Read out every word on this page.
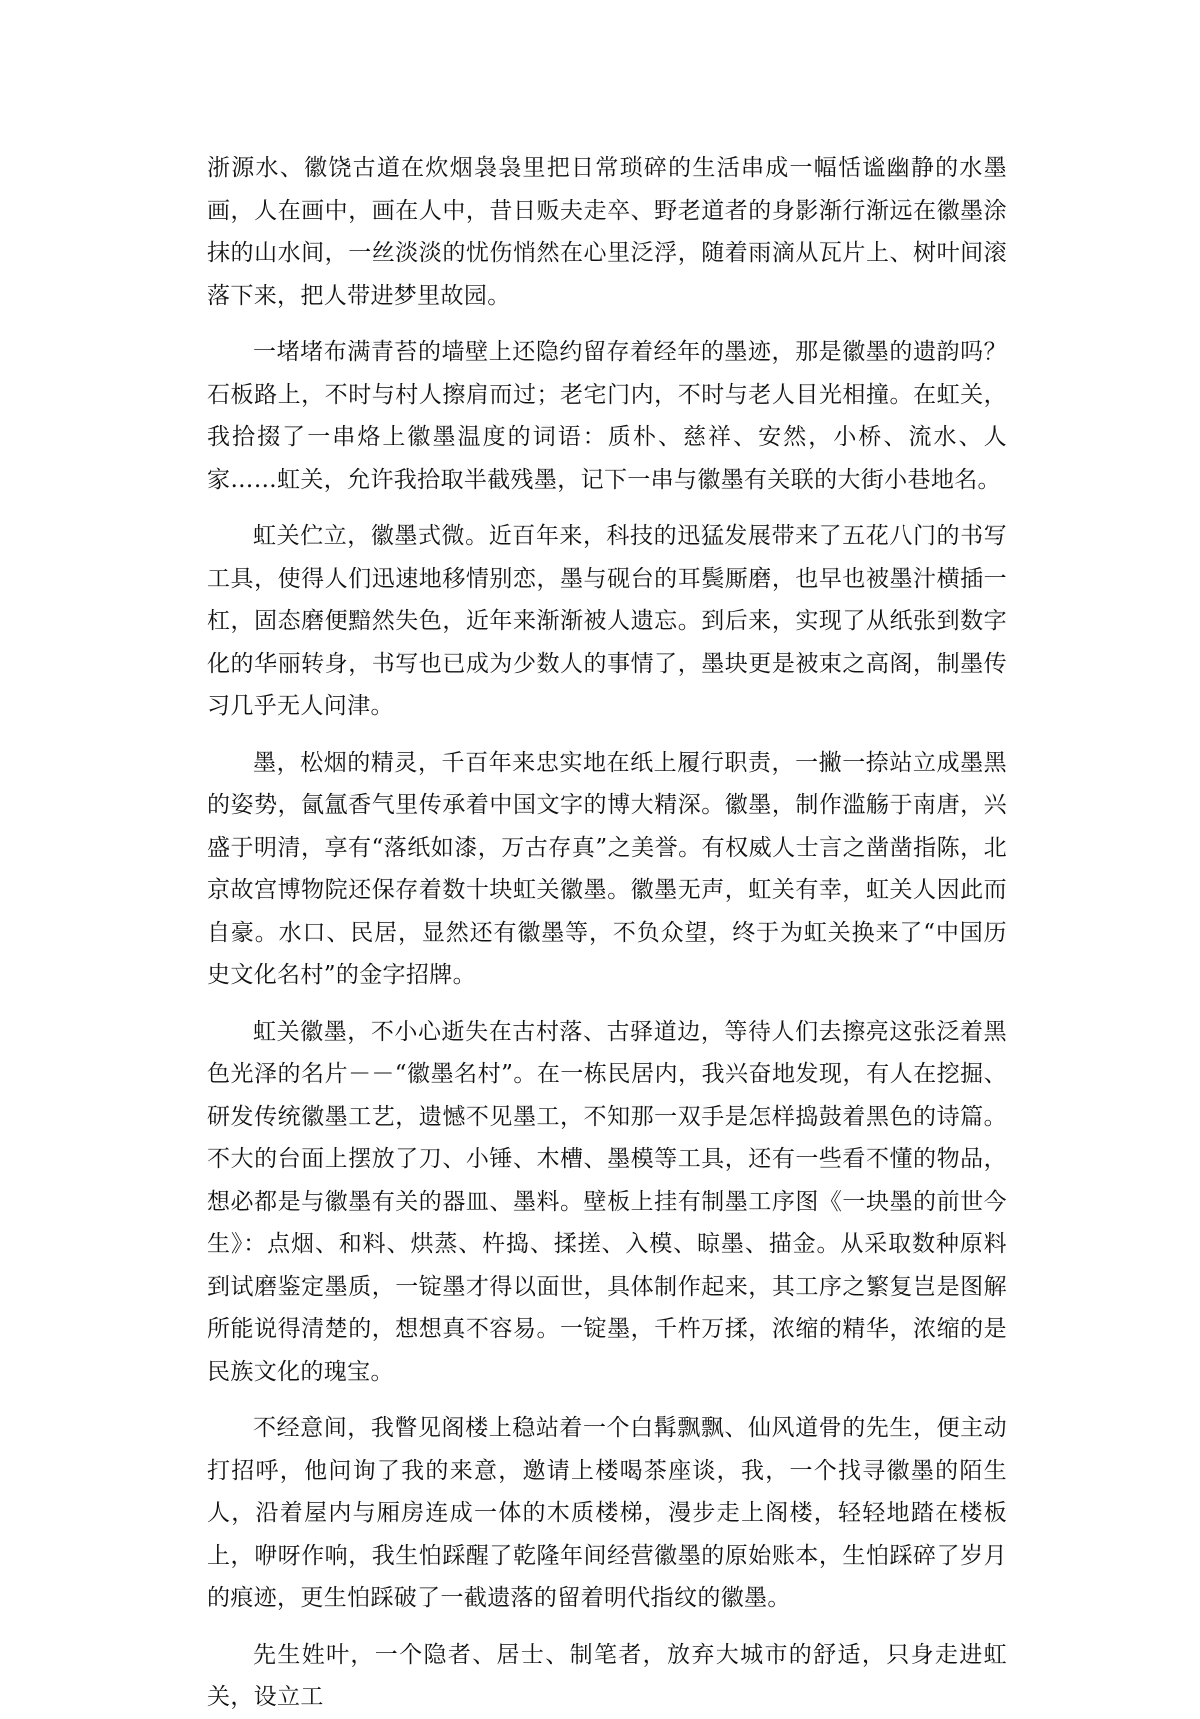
浙源水、徽饶古道在炊烟袅袅里把日常琐碎的生活串成一幅恬谧幽静的水墨画，人在画中，画在人中，昔日贩夫走卒、野老道者的身影渐行渐远在徽墨涂抹的山水间，一丝淡淡的忧伤悄然在心里泛浮，随着雨滴从瓦片上、树叶间滚落下来，把人带进梦里故园。

一堵堵布满青苔的墙壁上还隐约留存着经年的墨迹，那是徽墨的遗韵吗？石板路上，不时与村人擦肩而过；老宅门内，不时与老人目光相撞。在虹关，我拾掇了一串烙上徽墨温度的词语：质朴、慈祥、安然，小桥、流水、人家……虹关，允许我拾取半截残墨，记下一串与徽墨有关联的大街小巷地名。

虹关伫立，徽墨式微。近百年来，科技的迅猛发展带来了五花八门的书写工具，使得人们迅速地移情别恋，墨与砚台的耳鬓厮磨，也早也被墨汁横插一杠，固态磨便黯然失色，近年来渐渐被人遗忘。到后来，实现了从纸张到数字化的华丽转身，书写也已成为少数人的事情了，墨块更是被束之高阁，制墨传习几乎无人问津。

墨，松烟的精灵，千百年来忠实地在纸上履行职责，一撇一捺站立成墨黑的姿势，氤氲香气里传承着中国文字的博大精深。徽墨，制作滥觞于南唐，兴盛于明清，享有“落纸如漆，万古存真”之美誉。有权威人士言之凿凿指陈，北京故宫博物院还保存着数十块虹关徽墨。徽墨无声，虹关有幸，虹关人因此而自豪。水口、民居，显然还有徽墨等，不负众望，终于为虹关换来了“中国历史文化名村”的金字招牌。

虹关徽墨，不小心逝失在古村落、古驿道边，等待人们去擦亮这张泛着黑色光泽的名片－－“徽墨名村”。在一栋民居内，我兴奋地发现，有人在挖掘、研发传统徽墨工艺，遗憾不见墨工，不知那一双手是怎样捣鼓着黑色的诗篇。不大的台面上摆放了刀、小锤、木槽、墨模等工具，还有一些看不懂的物品，想必都是与徽墨有关的器皿、墨料。壁板上挂有制墨工序图《一块墨的前世今生》：点烟、和料、烘蒸、杵捣、揉搓、入模、晾墨、描金。从采取数种原料到试磨鉴定墨质，一锭墨才得以面世，具体制作起来，其工序之繁复岂是图解所能说得清楚的，想想真不容易。一锭墨，千杵万揉，浓缩的精华，浓缩的是民族文化的瑰宝。

不经意间，我瞥见阁楼上稳站着一个白髯飘飘、仙风道骨的先生，便主动打招呼，他问询了我的来意，邀请上楼喝茶座谈，我，一个找寻徽墨的陌生人，沿着屋内与厢房连成一体的木质楼梯，漫步走上阁楼，轻轻地踏在楼板上，咿呀作响，我生怕踩醒了乾隆年间经营徽墨的原始账本，生怕踩碎了岁月的痕迹，更生怕踩破了一截遗落的留着明代指纹的徽墨。

先生姓叶，一个隐者、居士、制笔者，放弃大城市的舒适，只身走进虹关，设立工
